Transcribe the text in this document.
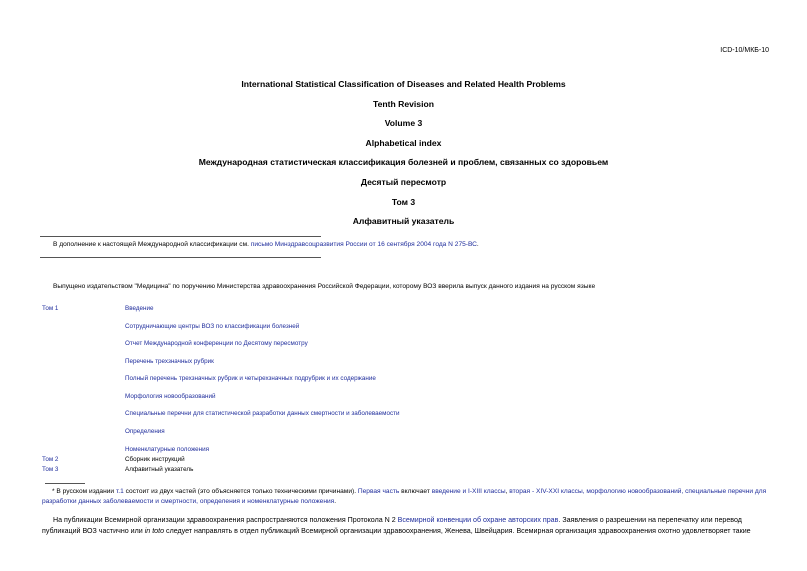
ICD-10/МКБ-10
International Statistical Classification of Diseases and Related Health Problems
Tenth Revision
Volume 3
Alphabetical index
Международная статистическая классификация болезней и проблем, связанных со здоровьем
Десятый пересмотр
Том 3
Алфавитный указатель
В дополнение к настоящей Международной классификации см. письмо Минздравсоцразвития России от 16 сентября 2004 года N 275-ВС.
Выпущено издательством "Медицина" по поручению Министерства здравоохранения Российской Федерации, которому ВОЗ вверила выпуск данного издания на русском языке
Том 1	Введение
Сотрудничающие центры ВОЗ по классификации болезней
Отчет Международной конференции по Десятому пересмотру
Перечень трехзначных рубрик
Полный перечень трехзначных рубрик и четырехзначных подрубрик и их содержание
Морфология новообразований
Специальные перечни для статистической разработки данных смертности и заболеваемости
Определения
Номенклатурные положения
Том 2	Сборник инструкций
Том 3	Алфавитный указатель
* В русском издании т.1 состоит из двух частей (это объясняется только техническими причинами). Первая часть включает введение и I-XIII классы, вторая - XIV-XXI классы, морфологию новообразований, специальные перечни для
разработки данных заболеваемости и смертности, определения и номенклатурные положения.
На публикации Всемирной организации здравоохранения распространяются положения Протокола N 2 Всемирной конвенции об охране авторских прав. Заявления о разрешении на перепечатку или перевод
публикаций ВОЗ частично или in toto следует направлять в отдел публикаций Всемирной организации здравоохранения, Женева, Швейцария. Всемирная организация здравоохранения охотно удовлетворяет такие
